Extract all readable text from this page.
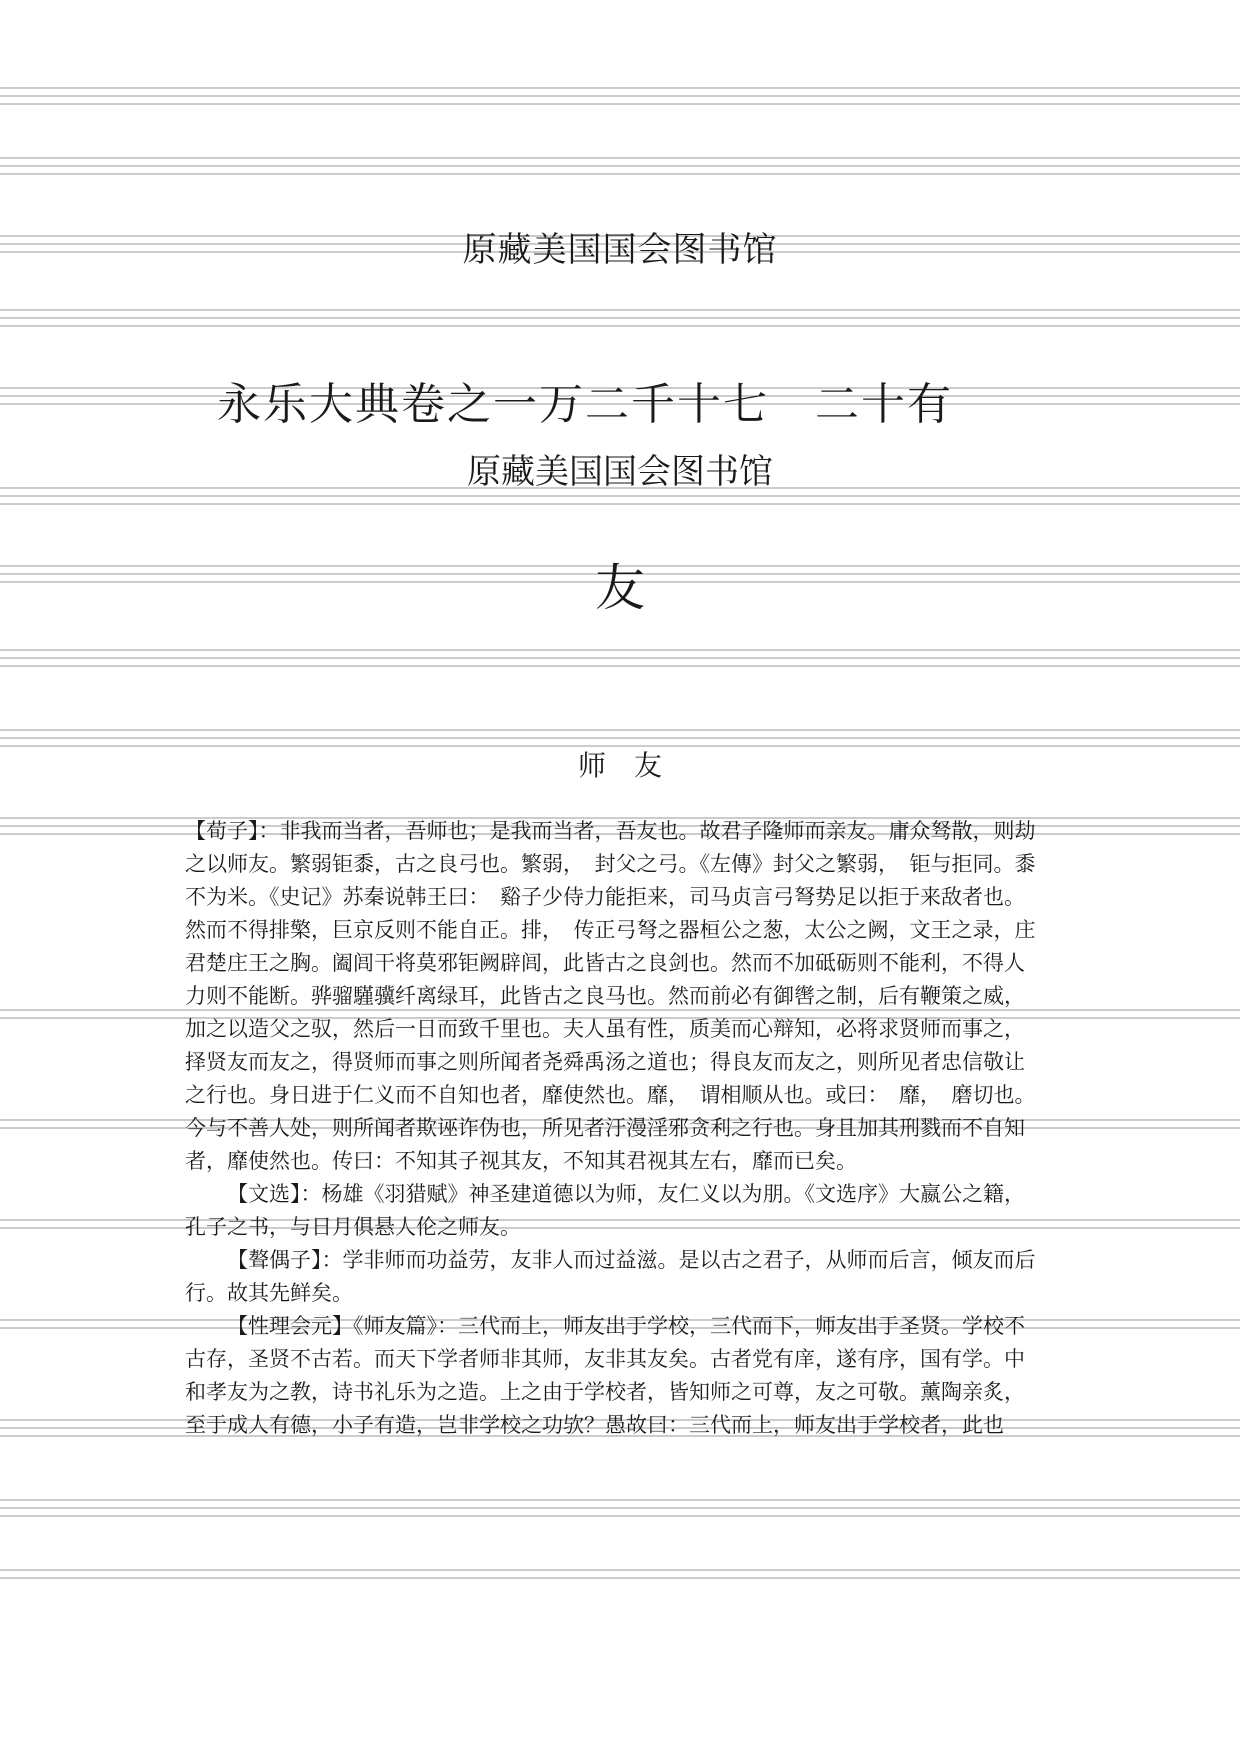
原藏美国国会图书馆
永乐大典卷之一万二千十七　二十有
原藏美国国会图书馆
友
师　友

【荀子】：非我而当者，吾师也；是我而当者，吾友也。故君子隆师而亲友。庸众驽散，则劫之以师友。繁弱钜黍，古之良弓也。繁弱，　封父之弓。《左傳》封父之繁弱，　钜与拒同。黍不为米。《史记》苏秦说韩王曰：　谿子少侍力能拒来，司马贞言弓弩势足以拒于来敌者也。然而不得排檠，巨京反则不能自正。排，　传正弓弩之器桓公之葱，太公之阙，文王之录，庄君楚庄王之胸。阖闾干将莫邪钜阙辟闾，此皆古之良剑也。然而不加砥砺则不能利，不得人力则不能断。骅骝騹骥纤离绿耳，此皆古之良马也。然而前必有御辔之制，后有鞭策之威，加之以造父之驭，然后一日而致千里也。夫人虽有性，质美而心辩知，必将求贤师而事之，择贤友而友之，得贤师而事之则所闻者尧舜禹汤之道也；得良友而友之，则所见者忠信敬让之行也。身日进于仁义而不自知也者，靡使然也。靡，　谓相顺从也。或曰：　靡，　磨切也。今与不善人处，则所闻者欺诬诈伪也，所见者汙漫淫邪贪利之行也。身且加其刑戮而不自知者，靡使然也。传曰：不知其子视其友，不知其君视其左右，靡而已矣。

【文选】：杨雄《羽猎赋》神圣建道德以为师，友仁义以为朋。《文选序》大嬴公之籍，孔子之书，与日月俱悬人伦之师友。

【聱偶子】：学非师而功益劳，友非人而过益滋。是以古之君子，从师而后言，倾友而后行。故其先鲜矣。

【性理会元】《师友篇》：三代而上，师友出于学校，三代而下，师友出于圣贤。学校不古存，圣贤不古若。而天下学者师非其师，友非其友矣。古者党有庠，遂有序，国有学。中和孝友为之教，诗书礼乐为之造。上之由于学校者，皆知师之可尊，友之可敬。薰陶亲炙，至于成人有德，小子有造，岂非学校之功欤？愚故曰：三代而上，师友出于学校者，此也
